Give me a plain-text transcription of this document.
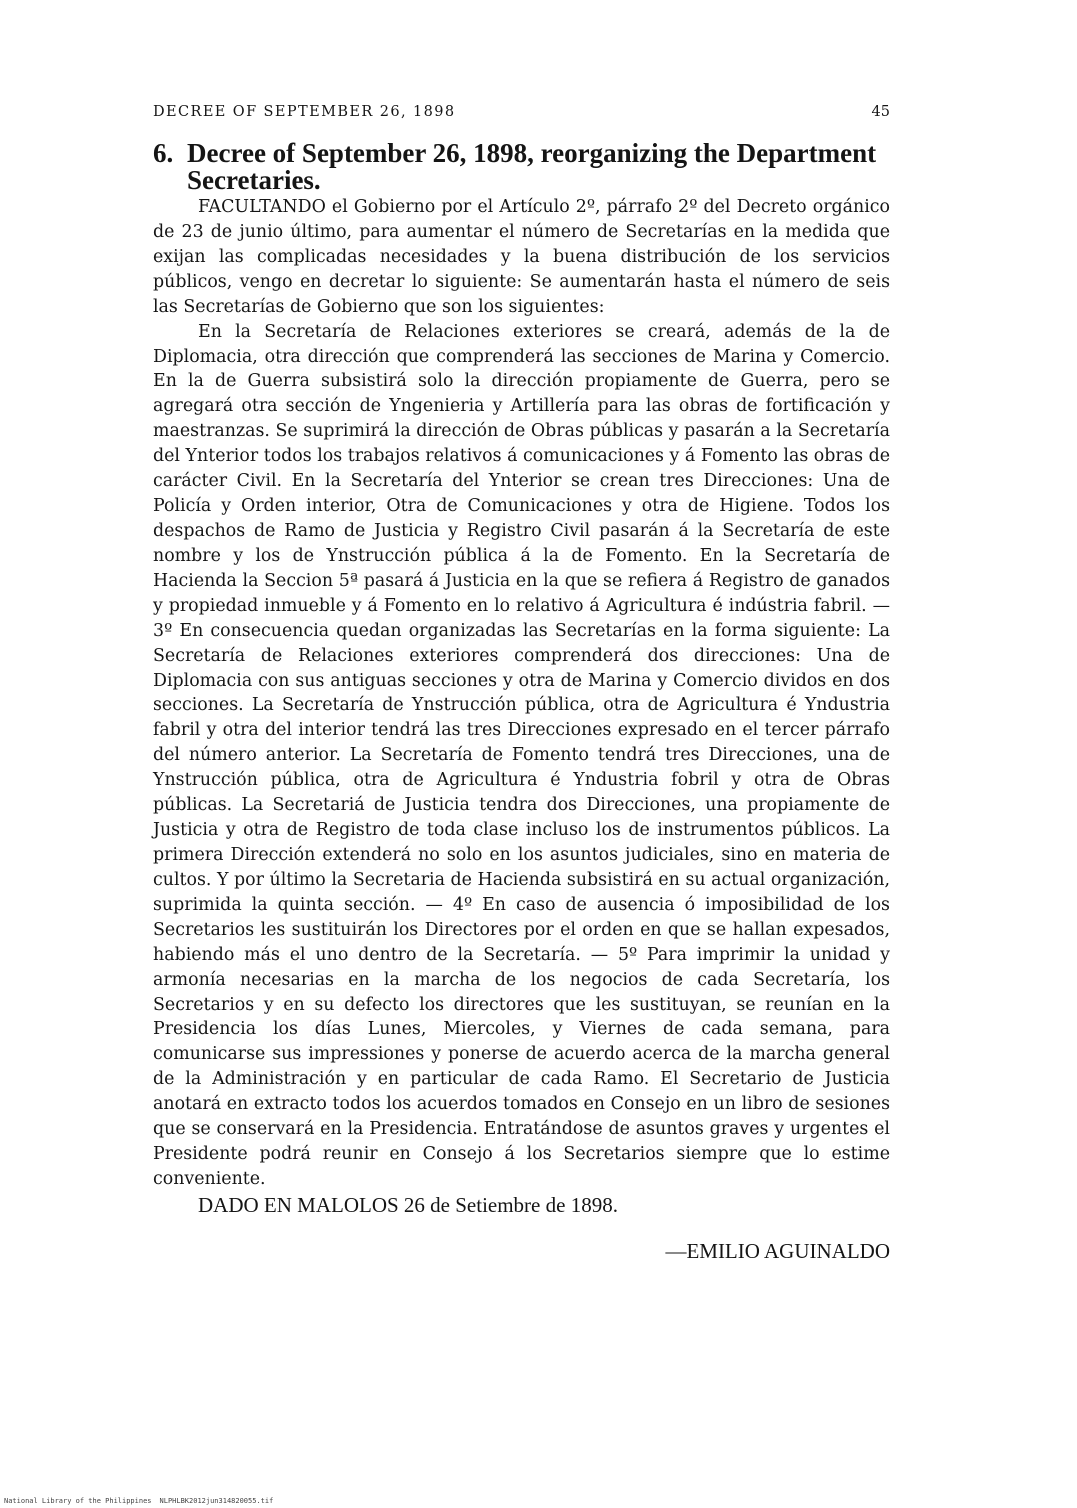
DECREE OF SEPTEMBER 26, 1898	45
6. Decree of September 26, 1898, reorganizing the Department Secretaries.

FACULTANDO el Gobierno por el Artículo 2º, párrafo 2º del Decreto orgánico de 23 de junio último, para aumentar el número de Secretarías en la medida que exijan las complicadas necesidades y la buena distribución de los servicios públicos, vengo en decretar lo siguiente: Se aumentarán hasta el número de seis las Secretarías de Gobierno que son los siguientes:

En la Secretaría de Relaciones exteriores se creará, además de la de Diplomacia, otra dirección que comprenderá las secciones de Marina y Comercio. En la de Guerra subsistirá solo la dirección propiamente de Guerra, pero se agregará otra sección de Yngenieria y Artillería para las obras de fortificación y maestranzas. Se suprimirá la dirección de Obras públicas y pasarán a la Secretaría del Ynterior todos los trabajos relativos á comunicaciones y á Fomento las obras de carácter Civil. En la Secretaría del Ynterior se crean tres Direcciones: Una de Policía y Orden interior, Otra de Comunicaciones y otra de Higiene. Todos los despachos de Ramo de Justicia y Registro Civil pasarán á la Secretaría de este nombre y los de Ynstrucción pública á la de Fomento. En la Secretaría de Hacienda la Seccion 5ª pasará á Justicia en la que se refiera á Registro de ganados y propiedad inmueble y á Fomento en lo relativo á Agricultura é indústria fabril. — 3º En consecuencia quedan organizadas las Secretarías en la forma siguiente: La Secretaría de Relaciones exteriores comprenderá dos direcciones: Una de Diplomacia con sus antiguas secciones y otra de Marina y Comercio dividos en dos secciones. La Secretaría de Ynstrucción pública, otra de Agricultura é Yndustria fabril y otra del interior tendrá las tres Direcciones expresado en el tercer párrafo del número anterior. La Secretaría de Fomento tendrá tres Direcciones, una de Ynstrucción pública, otra de Agricultura é Yndustria fobril y otra de Obras públicas. La Secretariá de Justicia tendra dos Direcciones, una propiamente de Justicia y otra de Registro de toda clase incluso los de instrumentos públicos. La primera Dirección extenderá no solo en los asuntos judiciales, sino en materia de cultos. Y por último la Secretaria de Hacienda subsistirá en su actual organización, suprimida la quinta sección. — 4º En caso de ausencia ó imposibilidad de los Secretarios les sustituirán los Directores por el orden en que se hallan expesados, habiendo más el uno dentro de la Secretaría. — 5º Para imprimir la unidad y armonía necesarias en la marcha de los negocios de cada Secretaría, los Secretarios y en su defecto los directores que les sustituyan, se reunían en la Presidencia los días Lunes, Miercoles, y Viernes de cada semana, para comunicarse sus impressiones y ponerse de acuerdo acerca de la marcha general de la Administración y en particular de cada Ramo. El Secretario de Justicia anotará en extracto todos los acuerdos tomados en Consejo en un libro de sesiones que se conservará en la Presidencia. Entratándose de asuntos graves y urgentes el Presidente podrá reunir en Consejo á los Secretarios siempre que lo estime conveniente.

DADO EN MALOLOS 26 de Setiembre de 1898.

—EMILIO AGUINALDO
National Library of the Philippines NLPHLBK2012jun314820055.tif
